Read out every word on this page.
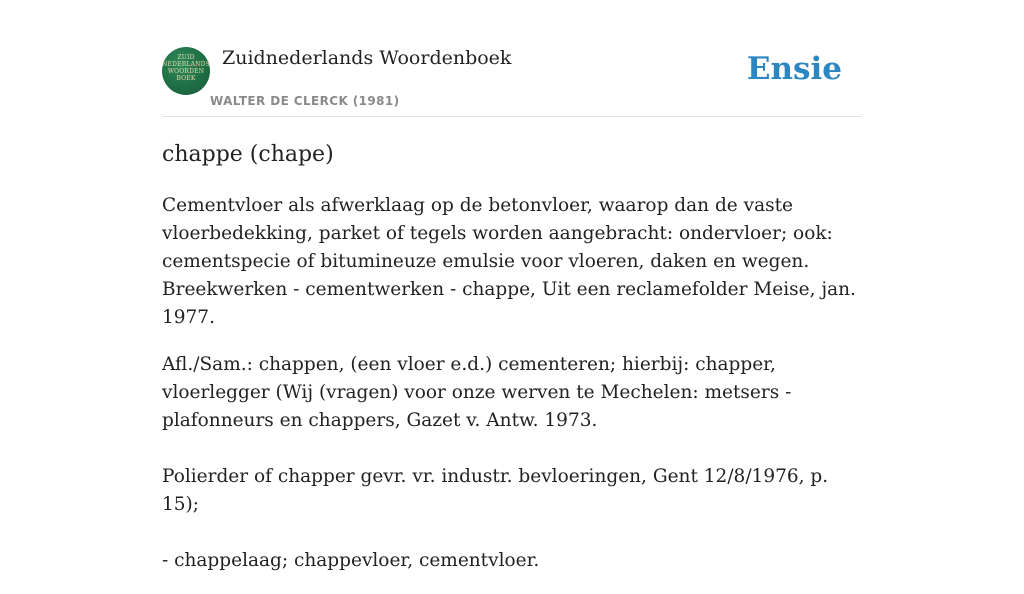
ZUID
NEDERLANDS
WOORDEN
BOEK
Zuidnederlands Woordenboek
WALTER DE CLERCK (1981)
Ensie
chappe (chape)

Cementvloer als afwerklaag op de betonvloer, waarop dan de vaste vloerbedekking, parket of tegels worden aangebracht: ondervloer; ook: cementspecie of bitumineuze emulsie voor vloeren, daken en wegen. Breekwerken - cementwerken - chappe, Uit een reclamefolder Meise, jan. 1977.

Afl./Sam.: chappen, (een vloer e.d.) cementeren; hierbij: chapper, vloerlegger (Wij (vragen) voor onze werven te Mechelen: metsers - plafonneurs en chappers, Gazet v. Antw. 1973.

Polierder of chapper gevr. vr. industr. bevloeringen, Gent 12/8/1976, p. 15);

- chappelaag; chappevloer, cementvloer.
